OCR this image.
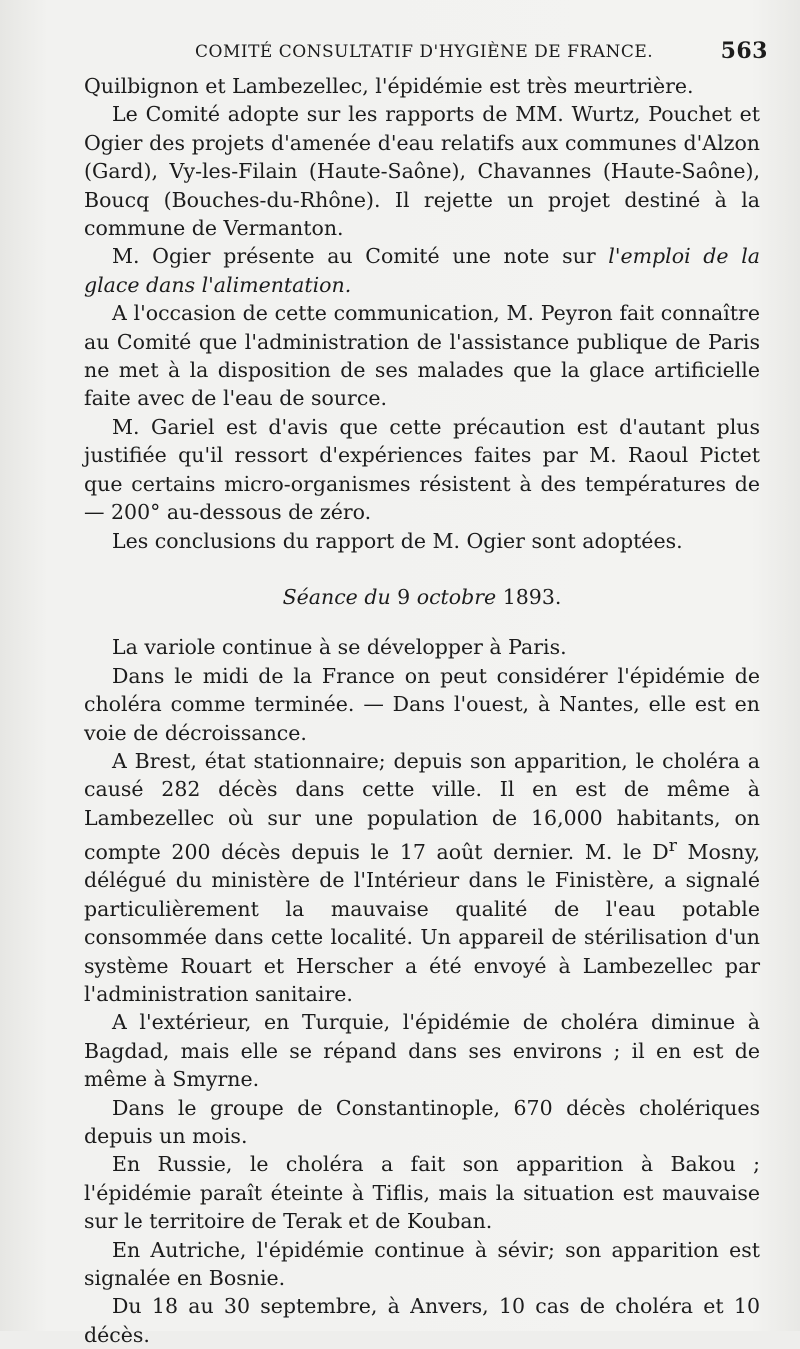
COMITÉ CONSULTATIF D'HYGIÈNE DE FRANCE.	563

Quilbignon et Lambezellec, l'épidémie est très meurtrière.

Le Comité adopte sur les rapports de MM. Wurtz, Pouchet et Ogier des projets d'amenée d'eau relatifs aux communes d'Alzon (Gard), Vy-les-Filain (Haute-Saône), Chavannes (Haute-Saône), Boucq (Bouches-du-Rhône). Il rejette un projet destiné à la commune de Vermanton.

M. Ogier présente au Comité une note sur l'emploi de la glace dans l'alimentation.

A l'occasion de cette communication, M. Peyron fait connaître au Comité que l'administration de l'assistance publique de Paris ne met à la disposition de ses malades que la glace artificielle faite avec de l'eau de source.

M. Gariel est d'avis que cette précaution est d'autant plus justifiée qu'il ressort d'expériences faites par M. Raoul Pictet que certains micro-organismes résistent à des températures de — 200° au-dessous de zéro.

Les conclusions du rapport de M. Ogier sont adoptées.

Séance du 9 octobre 1893.

La variole continue à se développer à Paris.

Dans le midi de la France on peut considérer l'épidémie de choléra comme terminée. — Dans l'ouest, à Nantes, elle est en voie de décroissance.

A Brest, état stationnaire; depuis son apparition, le choléra a causé 282 décès dans cette ville. Il en est de même à Lambezellec où sur une population de 16,000 habitants, on compte 200 décès depuis le 17 août dernier. M. le $D^r$ Mosny, délégué du ministère de l'Intérieur dans le Finistère, a signalé particulièrement la mauvaise qualité de l'eau potable consommée dans cette localité. Un appareil de stérilisation d'un système Rouart et Herscher a été envoyé à Lambezellec par l'administration sanitaire.

A l'extérieur, en Turquie, l'épidémie de choléra diminue à Bagdad, mais elle se répand dans ses environs ; il en est de même à Smyrne.

Dans le groupe de Constantinople, 670 décès cholériques depuis un mois.

En Russie, le choléra a fait son apparition à Bakou ; l'épidémie paraît éteinte à Tiflis, mais la situation est mauvaise sur le territoire de Terak et de Kouban.

En Autriche, l'épidémie continue à sévir; son apparition est signalée en Bosnie.

Du 18 au 30 septembre, à Anvers, 10 cas de choléra et 10 décès.
